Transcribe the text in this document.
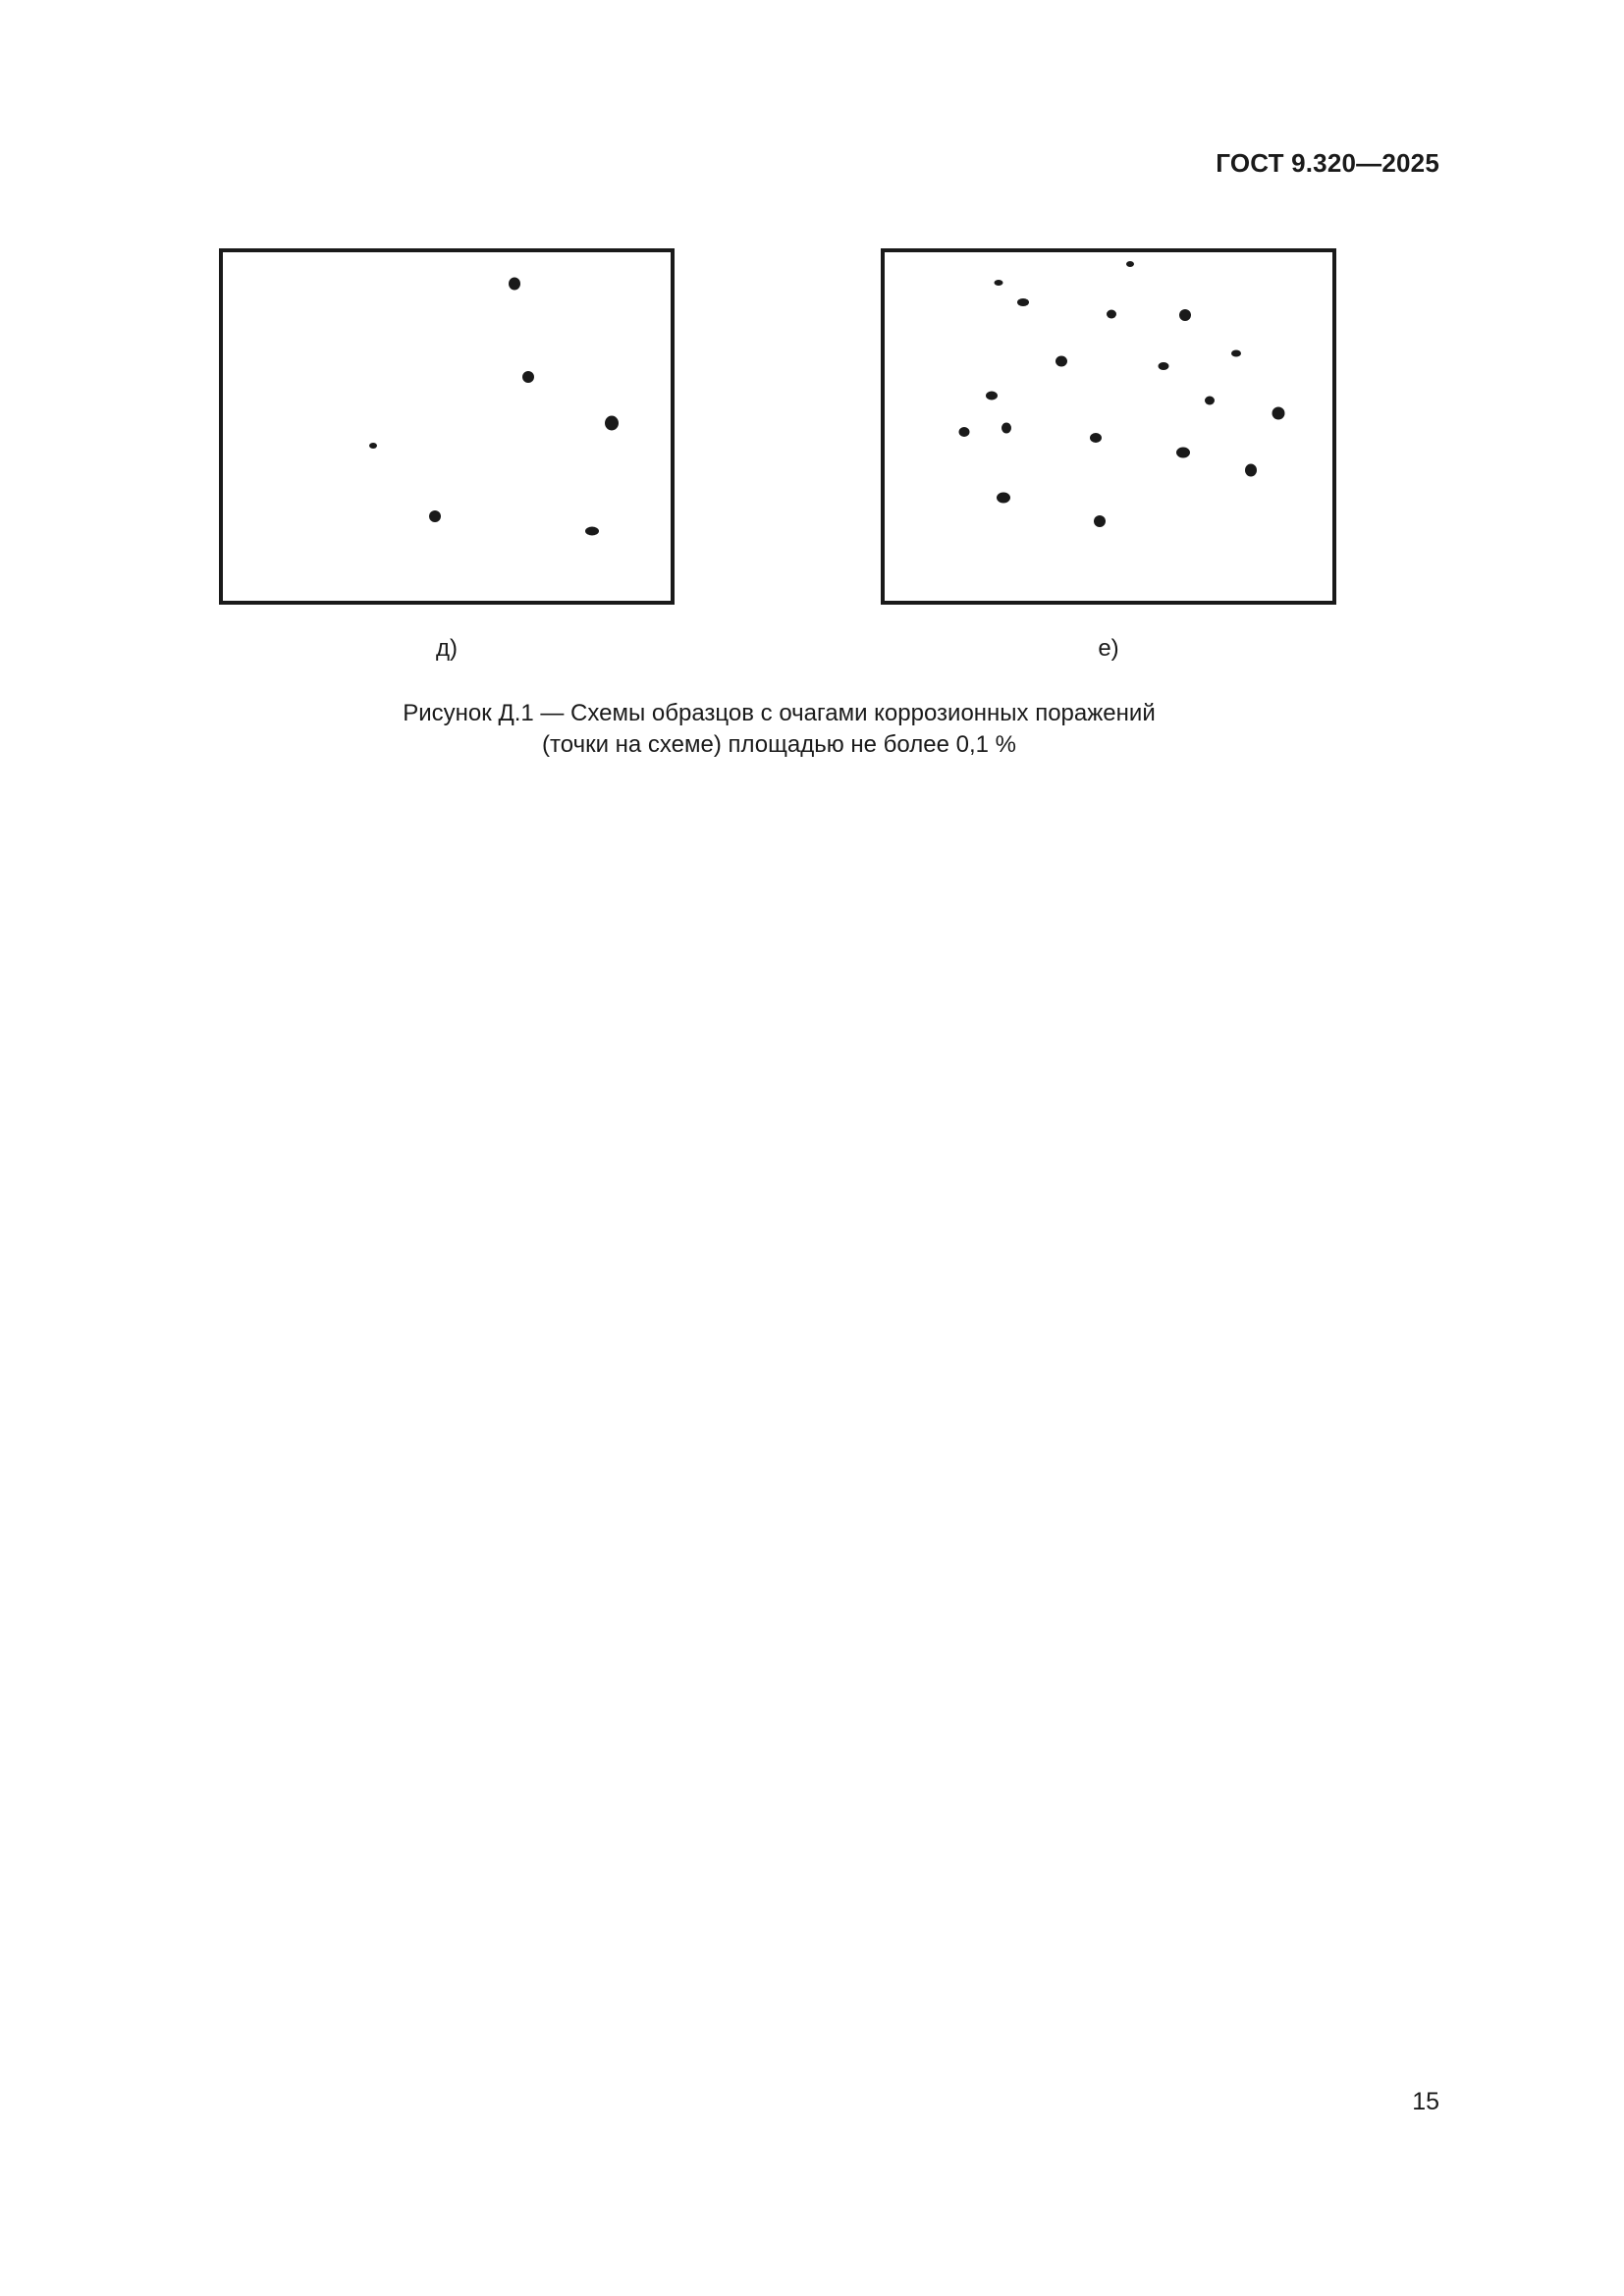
ГОСТ 9.320—2025
д)	е)
Рисунок Д.1 — Схемы образцов с очагами коррозионных поражений
(точки на схеме) площадью не более 0,1 %
15
